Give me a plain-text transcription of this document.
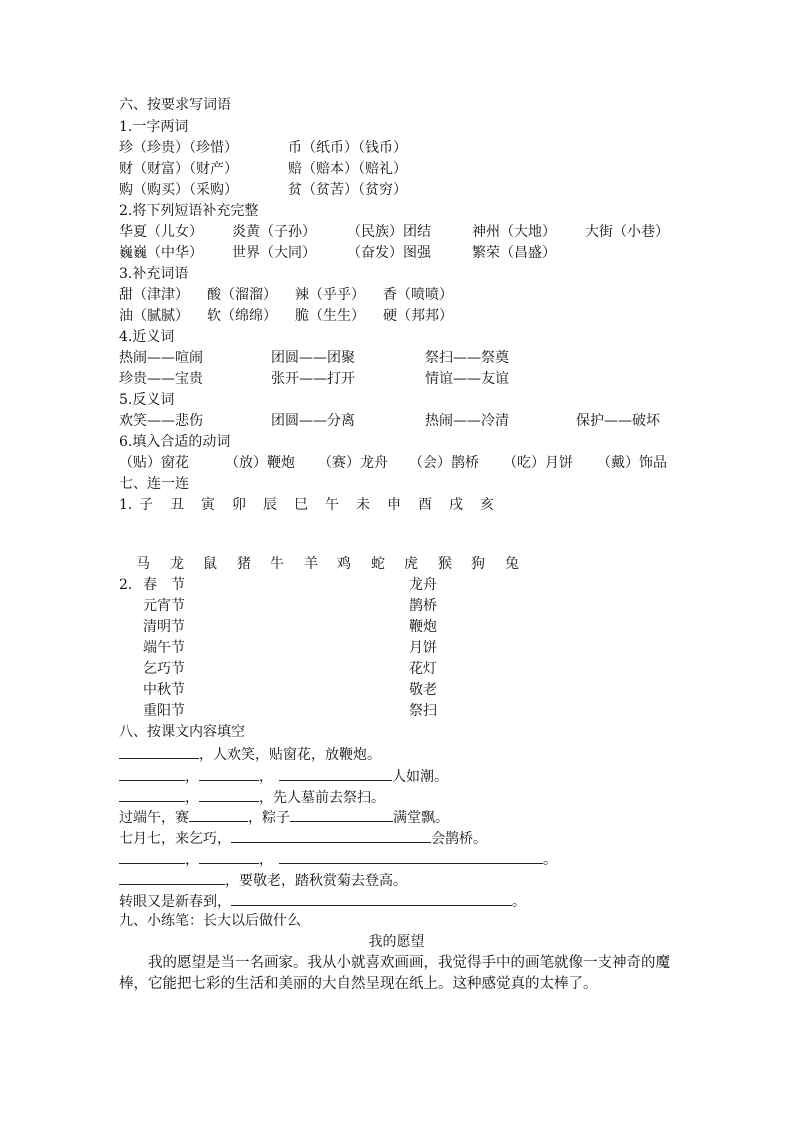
六、按要求写词语
1.一字两词
珍（珍贵）（珍惜）	币（纸币）（钱币）
财（财富）（财产）	赔（赔本）（赔礼）
购（购买）（采购）	贫（贫苦）（贫穷）
2.将下列短语补充完整
华夏（儿女） 炎黄（子孙） （民族）团结	神州（大地） 大街（小巷）
巍巍（中华） 世界（大同） （奋发）图强	繁荣（昌盛）
3.补充词语
甜（津津） 酸（溜溜） 辣（乎乎） 香（喷喷）
油（腻腻） 软（绵绵） 脆（生生） 硬（邦邦）
4.近义词
热闹——喧闹	团圆——团聚	祭扫——祭奠
珍贵——宝贵	张开——打开	情谊——友谊
5.反义词
欢笑——悲伤	团圆——分离	热闹——冷清	保护——破坏
6.填入合适的动词
（贴）窗花	（放）鞭炮 （赛）龙舟 （会）鹊桥 （吃）月饼 （戴）饰品
七、连一连
1. 子 丑 寅 卯 辰 巳 午 未 申 酉 戌 亥
马 龙 鼠 猪 牛 羊 鸡 蛇 虎 猴 狗 兔
2. 春　节	龙舟
元宵节	鹊桥
清明节	鞭炮
端午节	月饼
乞巧节	花灯
中秋节	敬老
重阳节	祭扫
八、按课文内容填空
，人欢笑，贴窗花，放鞭炮。
，	，	人如潮。
，	，先人墓前去祭扫。
过端午，赛	，粽子	满堂飘。
七月七，来乞巧，	会鹊桥。
，	，	。
，要敬老，踏秋赏菊去登高。
转眼又是新春到，	。
九、小练笔：长大以后做什么
我的愿望
我的愿望是当一名画家。我从小就喜欢画画，我觉得手中的画笔就像一支神奇的魔棒，它能把七彩的生活和美丽的大自然呈现在纸上。这种感觉真的太棒了。
